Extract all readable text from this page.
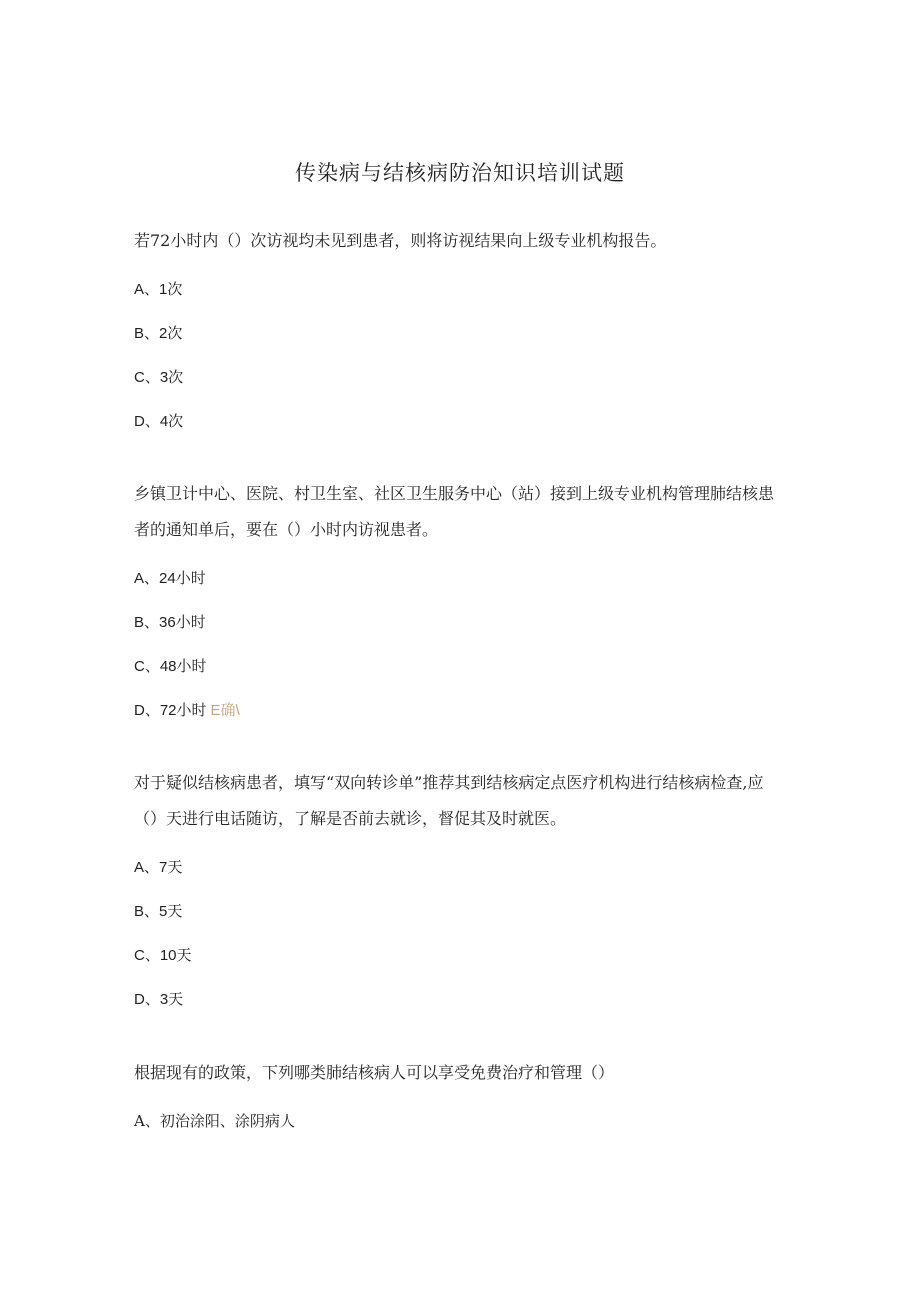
传染病与结核病防治知识培训试题
若72小时内（）次访视均未见到患者，则将访视结果向上级专业机构报告。
A、1次
B、2次
C、3次
D、4次
乡镇卫计中心、医院、村卫生室、社区卫生服务中心（站）接到上级专业机构管理肺结核患者的通知单后，要在（）小时内访视患者。
A、24小时
B、36小时
C、48小时
D、72小时 E确\
对于疑似结核病患者，填写“双向转诊单”推荐其到结核病定点医疗机构进行结核病检查,应（）天进行电话随访，了解是否前去就诊，督促其及时就医。
A、7天
B、5天
C、10天
D、3天
根据现有的政策，下列哪类肺结核病人可以享受免费治疗和管理（）
A、初治涂阳、涂阴病人
